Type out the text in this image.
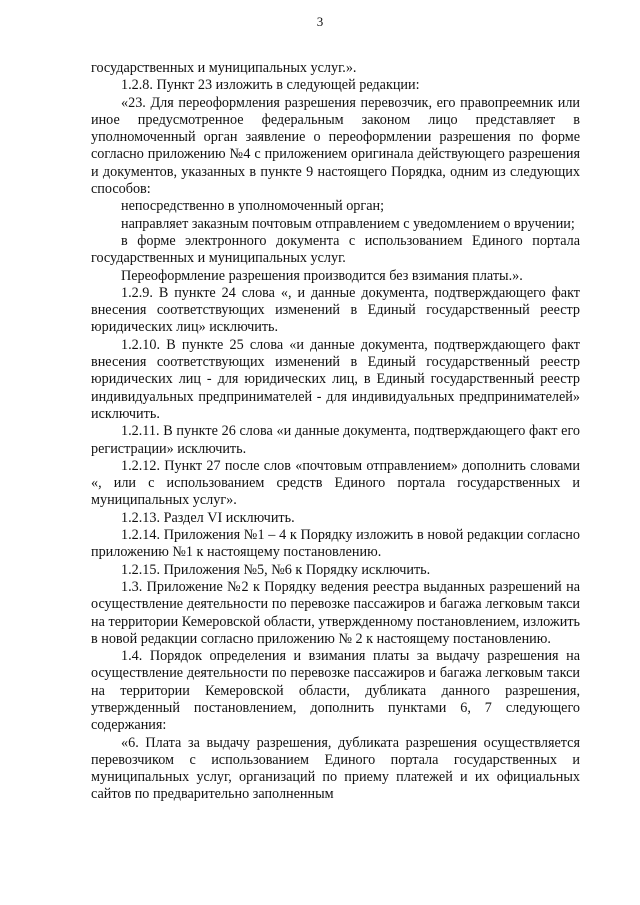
3

государственных и муниципальных услуг.».

1.2.8. Пункт 23 изложить в следующей редакции:

«23. Для переоформления разрешения перевозчик, его правопреемник или иное предусмотренное федеральным законом лицо представляет в уполномоченный орган заявление о переоформлении разрешения по форме согласно приложению №4 с приложением оригинала действующего разрешения и документов, указанных в пункте 9 настоящего Порядка, одним из следующих способов:

непосредственно в уполномоченный орган;

направляет заказным почтовым отправлением с уведомлением о вручении;

в форме электронного документа с использованием Единого портала государственных и муниципальных услуг.

Переоформление разрешения производится без взимания платы.».

1.2.9. В пункте 24 слова «, и данные документа, подтверждающего факт внесения соответствующих изменений в Единый государственный реестр юридических лиц» исключить.

1.2.10. В пункте 25 слова «и данные документа, подтверждающего факт внесения соответствующих изменений в Единый государственный реестр юридических лиц - для юридических лиц, в Единый государственный реестр индивидуальных предпринимателей - для индивидуальных предпринимателей» исключить.

1.2.11. В пункте 26 слова «и данные документа, подтверждающего факт его регистрации» исключить.

1.2.12. Пункт 27 после слов «почтовым отправлением» дополнить словами «, или с использованием средств Единого портала государственных и муниципальных услуг».

1.2.13. Раздел VI исключить.

1.2.14. Приложения №1 – 4 к Порядку изложить в новой редакции согласно приложению №1 к настоящему постановлению.

1.2.15. Приложения №5, №6 к Порядку исключить.

1.3. Приложение №2 к Порядку ведения реестра выданных разрешений на осуществление деятельности по перевозке пассажиров и багажа легковым такси на территории Кемеровской области, утвержденному постановлением, изложить в новой редакции согласно приложению № 2 к настоящему постановлению.

1.4. Порядок определения и взимания платы за выдачу разрешения на осуществление деятельности по перевозке пассажиров и багажа легковым такси на территории Кемеровской области, дубликата данного разрешения, утвержденный постановлением, дополнить пунктами 6, 7 следующего содержания:

«6. Плата за выдачу разрешения, дубликата разрешения осуществляется перевозчиком с использованием Единого портала государственных и муниципальных услуг, организаций по приему платежей и их официальных сайтов по предварительно заполненным
